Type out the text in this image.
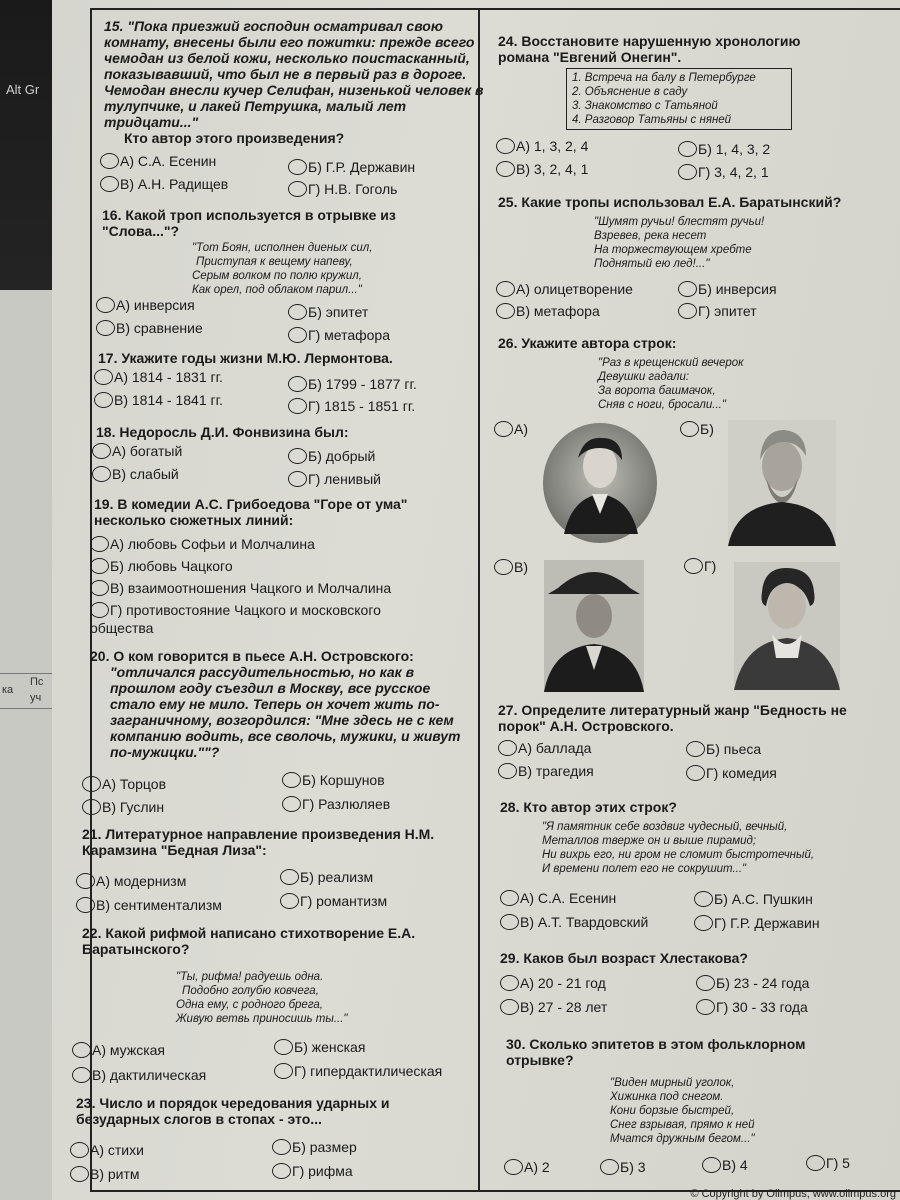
Alt Gr
ка
Пс
уч
15. "Пока приезжий господин осматривал свою комнату, внесены были его пожитки: прежде всего чемодан из белой кожи, несколько поистасканный, показывавший, что был не в первый раз в дороге. Чемодан внесли кучер Селифан, низенькой человек в тулупчике, и лакей Петрушка, малый лет тридцати..."
Кто автор этого произведения?
А) С.А. Есенин	Б) Г.Р. Державин
В) А.Н. Радищев	Г) Н.В. Гоголь
16. Какой троп используется в отрывке из "Слова..."?
"Тот Боян, исполнен диеных сил,
Приступая к вещему напеву,
Серым волком по полю кружил,
Как орел, под облаком парил..."
А) инверсия	Б) эпитет
В) сравнение	Г) метафора
17. Укажите годы жизни М.Ю. Лермонтова.
А) 1814 - 1831 гг.	Б) 1799 - 1877 гг.
В) 1814 - 1841 гг.	Г) 1815 - 1851 гг.
18. Недоросль Д.И. Фонвизина был:
А) богатый	Б) добрый
В) слабый	Г) ленивый
19. В комедии А.С. Грибоедова "Горе от ума" несколько сюжетных линий:
А) любовь Софьи и Молчалина
Б) любовь Чацкого
В) взаимоотношения Чацкого и Молчалина
Г) противостояние Чацкого и московского общества
20. О ком говорится в пьесе А.Н. Островского:
"отличался рассудительностью, но как в прошлом году съездил в Москву, все русское стало ему не мило. Теперь он хочет жить по-заграничному, возгордился: "Мне здесь не с кем компанию водить, все сволочь, мужики, и живут по-мужицки.""?
А) Торцов	Б) Коршунов
В) Гуслин	Г) Разлюляев
21. Литературное направление произведения Н.М. Карамзина "Бедная Лиза":
А) модернизм	Б) реализм
В) сентиментализм	Г) романтизм
22. Какой рифмой написано стихотворение Е.А. Баратынского?
"Ты, рифма! радуешь одна.
Подобно голубю ковчега,
Одна ему, с родного брега,
Живую ветвь приносишь ты..."
А) мужская	Б) женская
В) дактилическая	Г) гипердактилическая
23. Число и порядок чередования ударных и безударных слогов в стопах - это...
А) стихи	Б) размер
В) ритм	Г) рифма
24. Восстановите нарушенную хронологию романа "Евгений Онегин".
1. Встреча на балу в Петербурге
2. Объяснение в саду
3. Знакомство с Татьяной
4. Разговор Татьяны с няней
А) 1, 3, 2, 4	Б) 1, 4, 3, 2
В) 3, 2, 4, 1	Г) 3, 4, 2, 1
25. Какие тропы использовал Е.А. Баратынский?
"Шумят ручьи! блестят ручьи!
Взревев, река несет
На торжествующем хребте
Поднятый ею лед!..."
А) олицетворение	Б) инверсия
В) метафора	Г) эпитет
26. Укажите автора строк:
"Раз в крещенский вечерок
Девушки гадали:
За ворота башмачок,
Сняв с ноги, бросали..."
А)	Б)
В)	Г)
27. Определите литературный жанр "Бедность не порок" А.Н. Островского.
А) баллада	Б) пьеса
В) трагедия	Г) комедия
28. Кто автор этих строк?
"Я памятник себе воздвиг чудесный, вечный,
Металлов тверже он и выше пирамид;
Ни вихрь его, ни гром не сломит быстротечный,
И времени полет его не сокрушит..."
А) С.А. Есенин	Б) А.С. Пушкин
В) А.Т. Твардовский	Г) Г.Р. Державин
29. Каков был возраст Хлестакова?
А) 20 - 21 год	Б) 23 - 24 года
В) 27 - 28 лет	Г) 30 - 33 года
30. Сколько эпитетов в этом фольклорном отрывке?
"Виден мирный уголок,
Хижинка под снегом.
Кони борзые быстрей,
Снег взрывая, прямо к ней
Мчатся дружным бегом..."
А) 2	Б) 3	В) 4	Г) 5
© Copyright by Olimpus, www.olimpus.org
